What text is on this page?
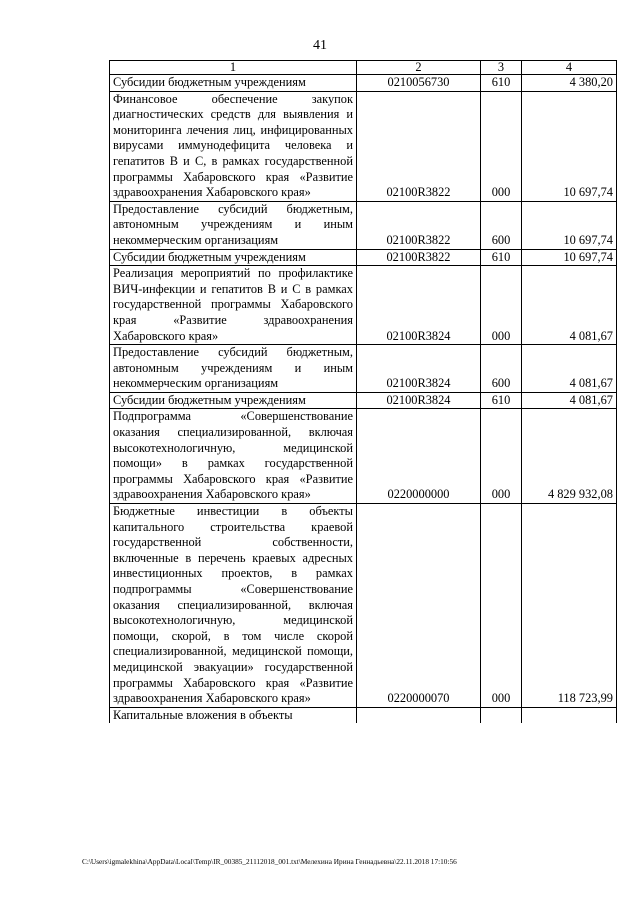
41
1	2	3	4
Субсидии бюджетным учреждениям	0210056730	610	4 380,20
Финансовое обеспечение закупок диагностических средств для выявления и мониторинга лечения лиц, инфицированных вирусами иммунодефицита человека и гепатитов В и С, в рамках государственной программы Хабаровского края «Развитие здравоохранения Хабаровского края»	02100R3822	000	10 697,74
Предоставление субсидий бюджетным, автономным учреждениям и иным некоммерческим организациям	02100R3822	600	10 697,74
Субсидии бюджетным учреждениям	02100R3822	610	10 697,74
Реализация мероприятий по профилактике ВИЧ-инфекции и гепатитов В и С в рамках государственной программы Хабаровского края «Развитие здравоохранения Хабаровского края»	02100R3824	000	4 081,67
Предоставление субсидий бюджетным, автономным учреждениям и иным некоммерческим организациям	02100R3824	600	4 081,67
Субсидии бюджетным учреждениям	02100R3824	610	4 081,67
Подпрограмма «Совершенствование оказания специализированной, включая высокотехнологичную, медицинской помощи» в рамках государственной программы Хабаровского края «Развитие здравоохранения Хабаровского края»	0220000000	000	4 829 932,08
Бюджетные инвестиции в объекты капитального строительства краевой государственной собственности, включенные в перечень краевых адресных инвестиционных проектов, в рамках подпрограммы «Совершенствование оказания специализированной, включая высокотехнологичную, медицинской помощи, скорой, в том числе скорой специализированной, медицинской помощи, медицинской эвакуации» государственной программы Хабаровского края «Развитие здравоохранения Хабаровского края»	0220000070	000	118 723,99
Капитальные вложения в объекты			
C:\Users\igmalekhina\AppData\Local\Temp\IR_00385_21112018_001.txt\Мелехина Ирина Геннадьевна\22.11.2018 17:10:56
